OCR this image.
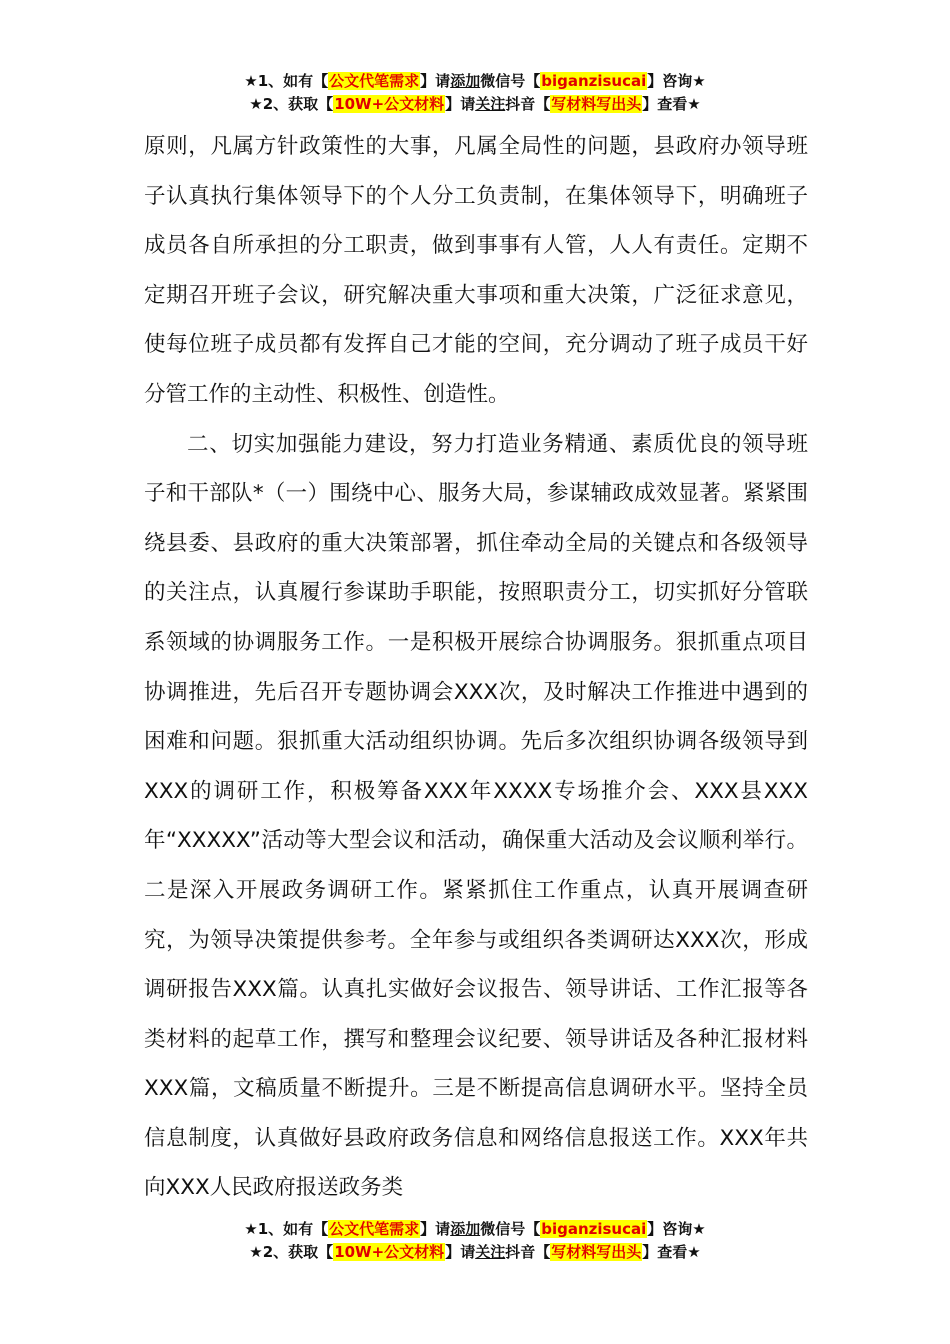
★1、如有【公文代笔需求】请添加微信号【biganzisucai】咨询★
★2、获取【10W+公文材料】请关注抖音【写材料写出头】查看★

原则，凡属方针政策性的大事，凡属全局性的问题，县政府办领导班子认真执行集体领导下的个人分工负责制，在集体领导下，明确班子成员各自所承担的分工职责，做到事事有人管，人人有责任。定期不定期召开班子会议，研究解决重大事项和重大决策，广泛征求意见，使每位班子成员都有发挥自己才能的空间，充分调动了班子成员干好分管工作的主动性、积极性、创造性。

二、切实加强能力建设，努力打造业务精通、素质优良的领导班子和干部队*（一）围绕中心、服务大局，参谋辅政成效显著。紧紧围绕县委、县政府的重大决策部署，抓住牵动全局的关键点和各级领导的关注点，认真履行参谋助手职能，按照职责分工，切实抓好分管联系领域的协调服务工作。一是积极开展综合协调服务。狠抓重点项目协调推进，先后召开专题协调会XXX次，及时解决工作推进中遇到的困难和问题。狠抓重大活动组织协调。先后多次组织协调各级领导到XXX的调研工作，积极筹备XXX年XXXX专场推介会、XXX县XXX年“XXXXX”活动等大型会议和活动，确保重大活动及会议顺利举行。二是深入开展政务调研工作。紧紧抓住工作重点，认真开展调查研究，为领导决策提供参考。全年参与或组织各类调研达XXX次，形成调研报告XXX篇。认真扎实做好会议报告、领导讲话、工作汇报等各类材料的起草工作，撰写和整理会议纪要、领导讲话及各种汇报材料XXX篇，文稿质量不断提升。三是不断提高信息调研水平。坚持全员信息制度，认真做好县政府政务信息和网络信息报送工作。XXX年共向XXX人民政府报送政务类

★1、如有【公文代笔需求】请添加微信号【biganzisucai】咨询★
★2、获取【10W+公文材料】请关注抖音【写材料写出头】查看★
